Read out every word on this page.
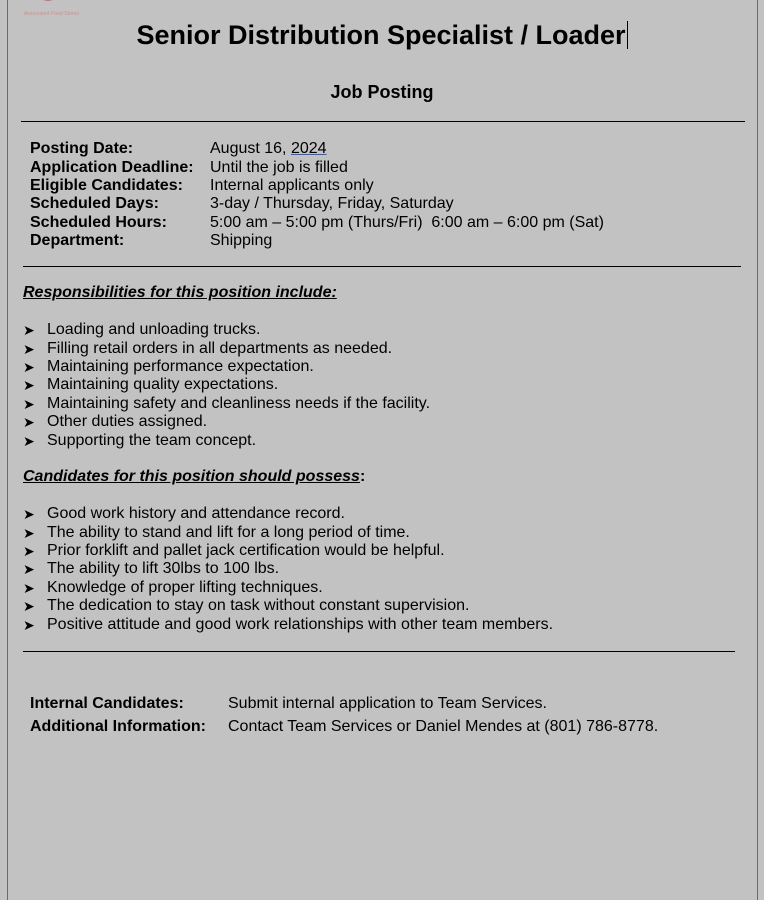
Associated Food Stores
Senior Distribution Specialist / Loader
Job Posting
Posting Date:	August 16, 2024
Application Deadline:	Until the job is filled
Eligible Candidates:	Internal applicants only
Scheduled Days:	3-day / Thursday, Friday, Saturday
Scheduled Hours:	5:00 am – 5:00 pm (Thurs/Fri)  6:00 am – 6:00 pm (Sat)
Department:	Shipping
Responsibilities for this position include:
➤ Loading and unloading trucks.
➤ Filling retail orders in all departments as needed.
➤ Maintaining performance expectation.
➤ Maintaining quality expectations.
➤ Maintaining safety and cleanliness needs if the facility.
➤ Other duties assigned.
➤ Supporting the team concept.
Candidates for this position should possess:
➤ Good work history and attendance record.
➤ The ability to stand and lift for a long period of time.
➤ Prior forklift and pallet jack certification would be helpful.
➤ The ability to lift 30lbs to 100 lbs.
➤ Knowledge of proper lifting techniques.
➤ The dedication to stay on task without constant supervision.
➤ Positive attitude and good work relationships with other team members.
Internal Candidates:	Submit internal application to Team Services.
Additional Information:	Contact Team Services or Daniel Mendes at (801) 786-8778.
